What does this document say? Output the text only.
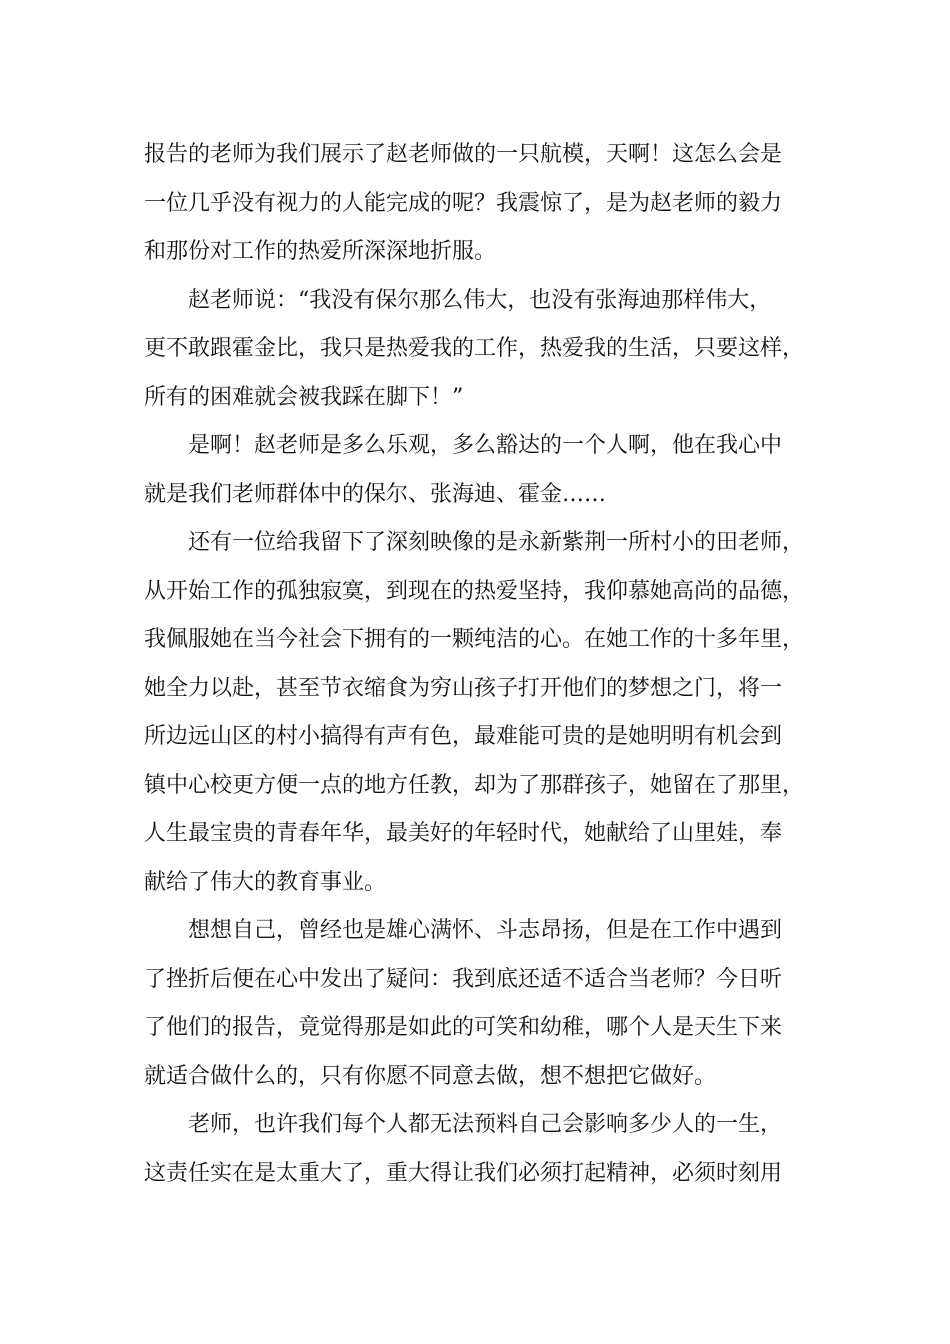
报告的老师为我们展示了赵老师做的一只航模，天啊！这怎么会是
一位几乎没有视力的人能完成的呢？我震惊了，是为赵老师的毅力
和那份对工作的热爱所深深地折服。

赵老师说：“我没有保尔那么伟大，也没有张海迪那样伟大，
更不敢跟霍金比，我只是热爱我的工作，热爱我的生活，只要这样，
所有的困难就会被我踩在脚下！”

是啊！赵老师是多么乐观，多么豁达的一个人啊，他在我心中
就是我们老师群体中的保尔、张海迪、霍金……

还有一位给我留下了深刻映像的是永新紫荆一所村小的田老师，
从开始工作的孤独寂寞，到现在的热爱坚持，我仰慕她高尚的品德，
我佩服她在当今社会下拥有的一颗纯洁的心。在她工作的十多年里，
她全力以赴，甚至节衣缩食为穷山孩子打开他们的梦想之门，将一
所边远山区的村小搞得有声有色，最难能可贵的是她明明有机会到
镇中心校更方便一点的地方任教，却为了那群孩子，她留在了那里，
人生最宝贵的青春年华，最美好的年轻时代，她献给了山里娃，奉
献给了伟大的教育事业。

想想自己，曾经也是雄心满怀、斗志昂扬，但是在工作中遇到
了挫折后便在心中发出了疑问：我到底还适不适合当老师？今日听
了他们的报告，竟觉得那是如此的可笑和幼稚，哪个人是天生下来
就适合做什么的，只有你愿不同意去做，想不想把它做好。

老师，也许我们每个人都无法预料自己会影响多少人的一生，
这责任实在是太重大了，重大得让我们必须打起精神，必须时刻用
